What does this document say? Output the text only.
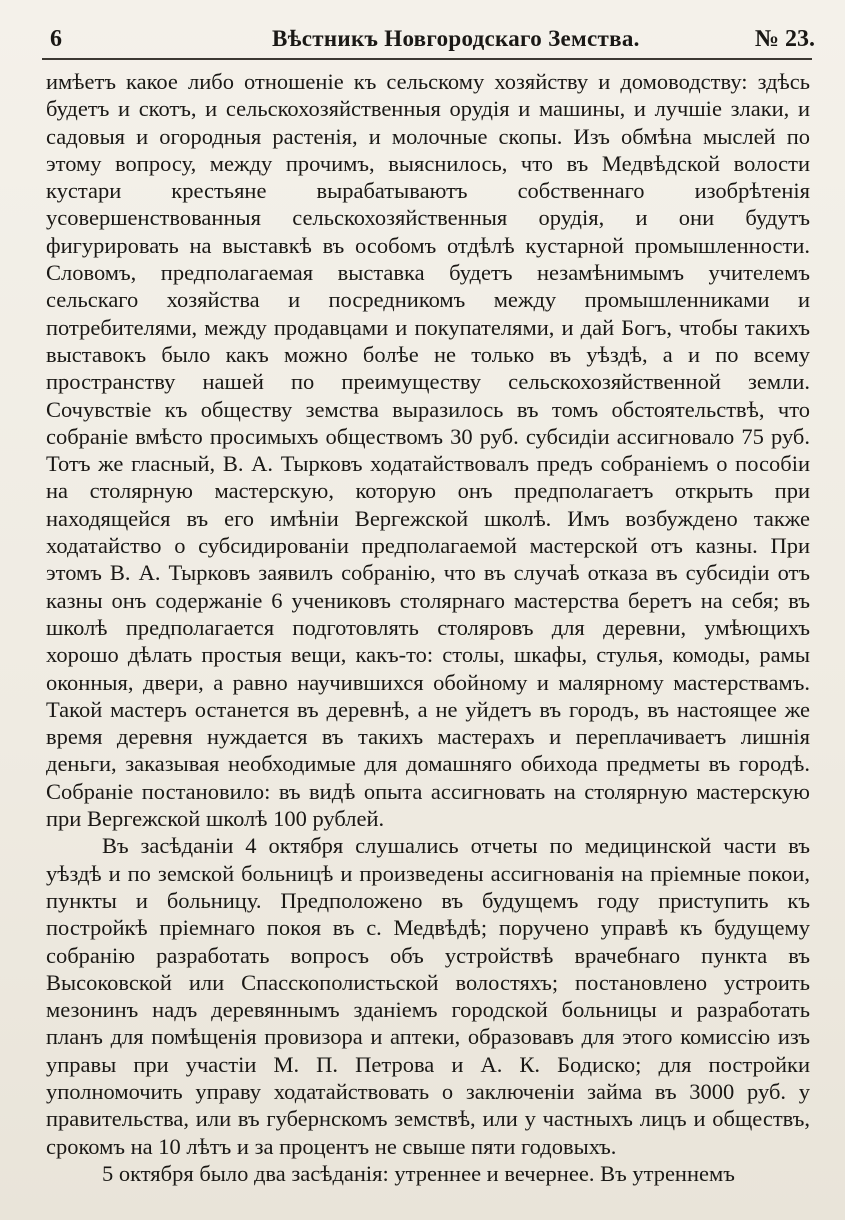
6	Вѣстникъ Новгородскаго Земства.	№ 23.

имѣетъ какое либо отношеніе къ сельскому хозяйству и домоводству: здѣсь будетъ и скотъ, и сельскохозяйственныя орудія и машины, и лучшіе злаки, и садовыя и огородныя растенія, и молочные скопы. Изъ обмѣна мыслей по этому вопросу, между прочимъ, выяснилось, что въ Медвѣдской волости кустари крестьяне вырабатываютъ собственнаго изобрѣтенія усовершенствованныя сельскохозяйственныя орудія, и они будутъ фигурировать на выставкѣ въ особомъ отдѣлѣ кустарной промышленности. Словомъ, предполагаемая выставка будетъ незамѣнимымъ учителемъ сельскаго хозяйства и посредникомъ между промышленниками и потребителями, между продавцами и покупателями, и дай Богъ, чтобы такихъ выставокъ было какъ можно болѣе не только въ уѣздѣ, а и по всему пространству нашей по преимуществу сельскохозяйственной земли. Сочувствіе къ обществу земства выразилось въ томъ обстоятельствѣ, что собраніе вмѣсто просимыхъ обществомъ 30 руб. субсидіи ассигновало 75 руб. Тотъ же гласный, В. А. Тырковъ ходатайствовалъ предъ собраніемъ о пособіи на столярную мастерскую, которую онъ предполагаетъ открыть при находящейся въ его имѣніи Вергежской школѣ. Имъ возбуждено также ходатайство о субсидированіи предполагаемой мастерской отъ казны. При этомъ В. А. Тырковъ заявилъ собранію, что въ случаѣ отказа въ субсидіи отъ казны онъ содержаніе 6 учениковъ столярнаго мастерства беретъ на себя; въ школѣ предполагается подготовлять столяровъ для деревни, умѣющихъ хорошо дѣлать простыя вещи, какъ-то: столы, шкафы, стулья, комоды, рамы оконныя, двери, а равно научившихся обойному и малярному мастерствамъ. Такой мастеръ останется въ деревнѣ, а не уйдетъ въ городъ, въ настоящее же время деревня нуждается въ такихъ мастерахъ и переплачиваетъ лишнія деньги, заказывая необходимые для домашняго обихода предметы въ городѣ. Собраніе постановило: въ видѣ опыта ассигновать на столярную мастерскую при Вергежской школѣ 100 рублей.

Въ засѣданіи 4 октября слушались отчеты по медицинской части въ уѣздѣ и по земской больницѣ и произведены ассигнованія на пріемные покои, пункты и больницу. Предположено въ будущемъ году приступить къ постройкѣ пріемнаго покоя въ с. Медвѣдѣ; поручено управѣ къ будущему собранію разработать вопросъ объ устройствѣ врачебнаго пункта въ Высоковской или Спасскополистьской волостяхъ; постановлено устроить мезонинъ надъ деревяннымъ зданіемъ городской больницы и разработать планъ для помѣщенія провизора и аптеки, образовавъ для этого комиссію изъ управы при участіи М. П. Петрова и А. К. Бодиско; для постройки уполномочить управу ходатайствовать о заключеніи займа въ 3000 руб. у правительства, или въ губернскомъ земствѣ, или у частныхъ лицъ и обществъ, срокомъ на 10 лѣтъ и за процентъ не свыше пяти годовыхъ.

5 октября было два засѣданія: утреннее и вечернее. Въ утреннемъ
